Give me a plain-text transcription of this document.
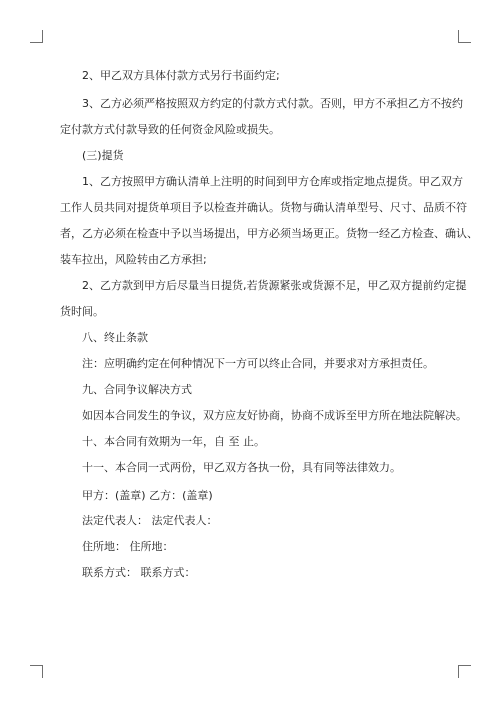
2、甲乙双方具体付款方式另行书面约定;
3、乙方必须严格按照双方约定的付款方式付款。否则，甲方不承担乙方不按约
定付款方式付款导致的任何资金风险或损失。
(三)提货
1、乙方按照甲方确认清单上注明的时间到甲方仓库或指定地点提货。甲乙双方
工作人员共同对提货单项目予以检查并确认。货物与确认清单型号、尺寸、品质不符
者，乙方必须在检查中予以当场提出，甲方必须当场更正。货物一经乙方检查、确认、
装车拉出，风险转由乙方承担;
2、乙方款到甲方后尽量当日提货,若货源紧张或货源不足，甲乙双方提前约定提
货时间。
八、终止条款
注：应明确约定在何种情况下一方可以终止合同，并要求对方承担责任。
九、合同争议解决方式
如因本合同发生的争议，双方应友好协商，协商不成诉至甲方所在地法院解决。
十、本合同有效期为一年，自 至 止。
十一、本合同一式两份，甲乙双方各执一份，具有同等法律效力。
甲方：(盖章) 乙方：(盖章)
法定代表人： 法定代表人：
住所地： 住所地：
联系方式： 联系方式：
